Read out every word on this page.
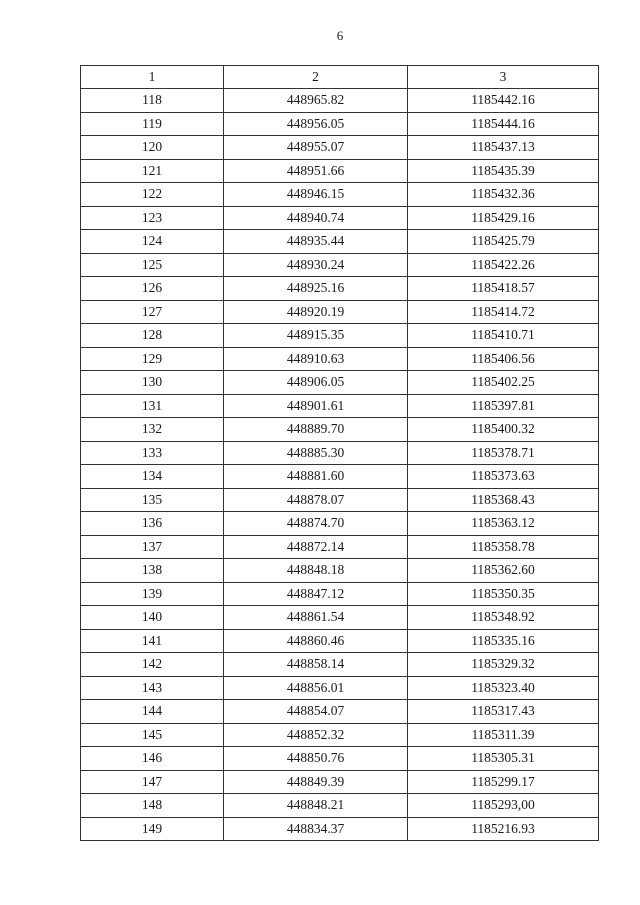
6
1	2	3
118	448965.82	1185442.16
119	448956.05	1185444.16
120	448955.07	1185437.13
121	448951.66	1185435.39
122	448946.15	1185432.36
123	448940.74	1185429.16
124	448935.44	1185425.79
125	448930.24	1185422.26
126	448925.16	1185418.57
127	448920.19	1185414.72
128	448915.35	1185410.71
129	448910.63	1185406.56
130	448906.05	1185402.25
131	448901.61	1185397.81
132	448889.70	1185400.32
133	448885.30	1185378.71
134	448881.60	1185373.63
135	448878.07	1185368.43
136	448874.70	1185363.12
137	448872.14	1185358.78
138	448848.18	1185362.60
139	448847.12	1185350.35
140	448861.54	1185348.92
141	448860.46	1185335.16
142	448858.14	1185329.32
143	448856.01	1185323.40
144	448854.07	1185317.43
145	448852.32	1185311.39
146	448850.76	1185305.31
147	448849.39	1185299.17
148	448848.21	1185293,00
149	448834.37	1185216.93
